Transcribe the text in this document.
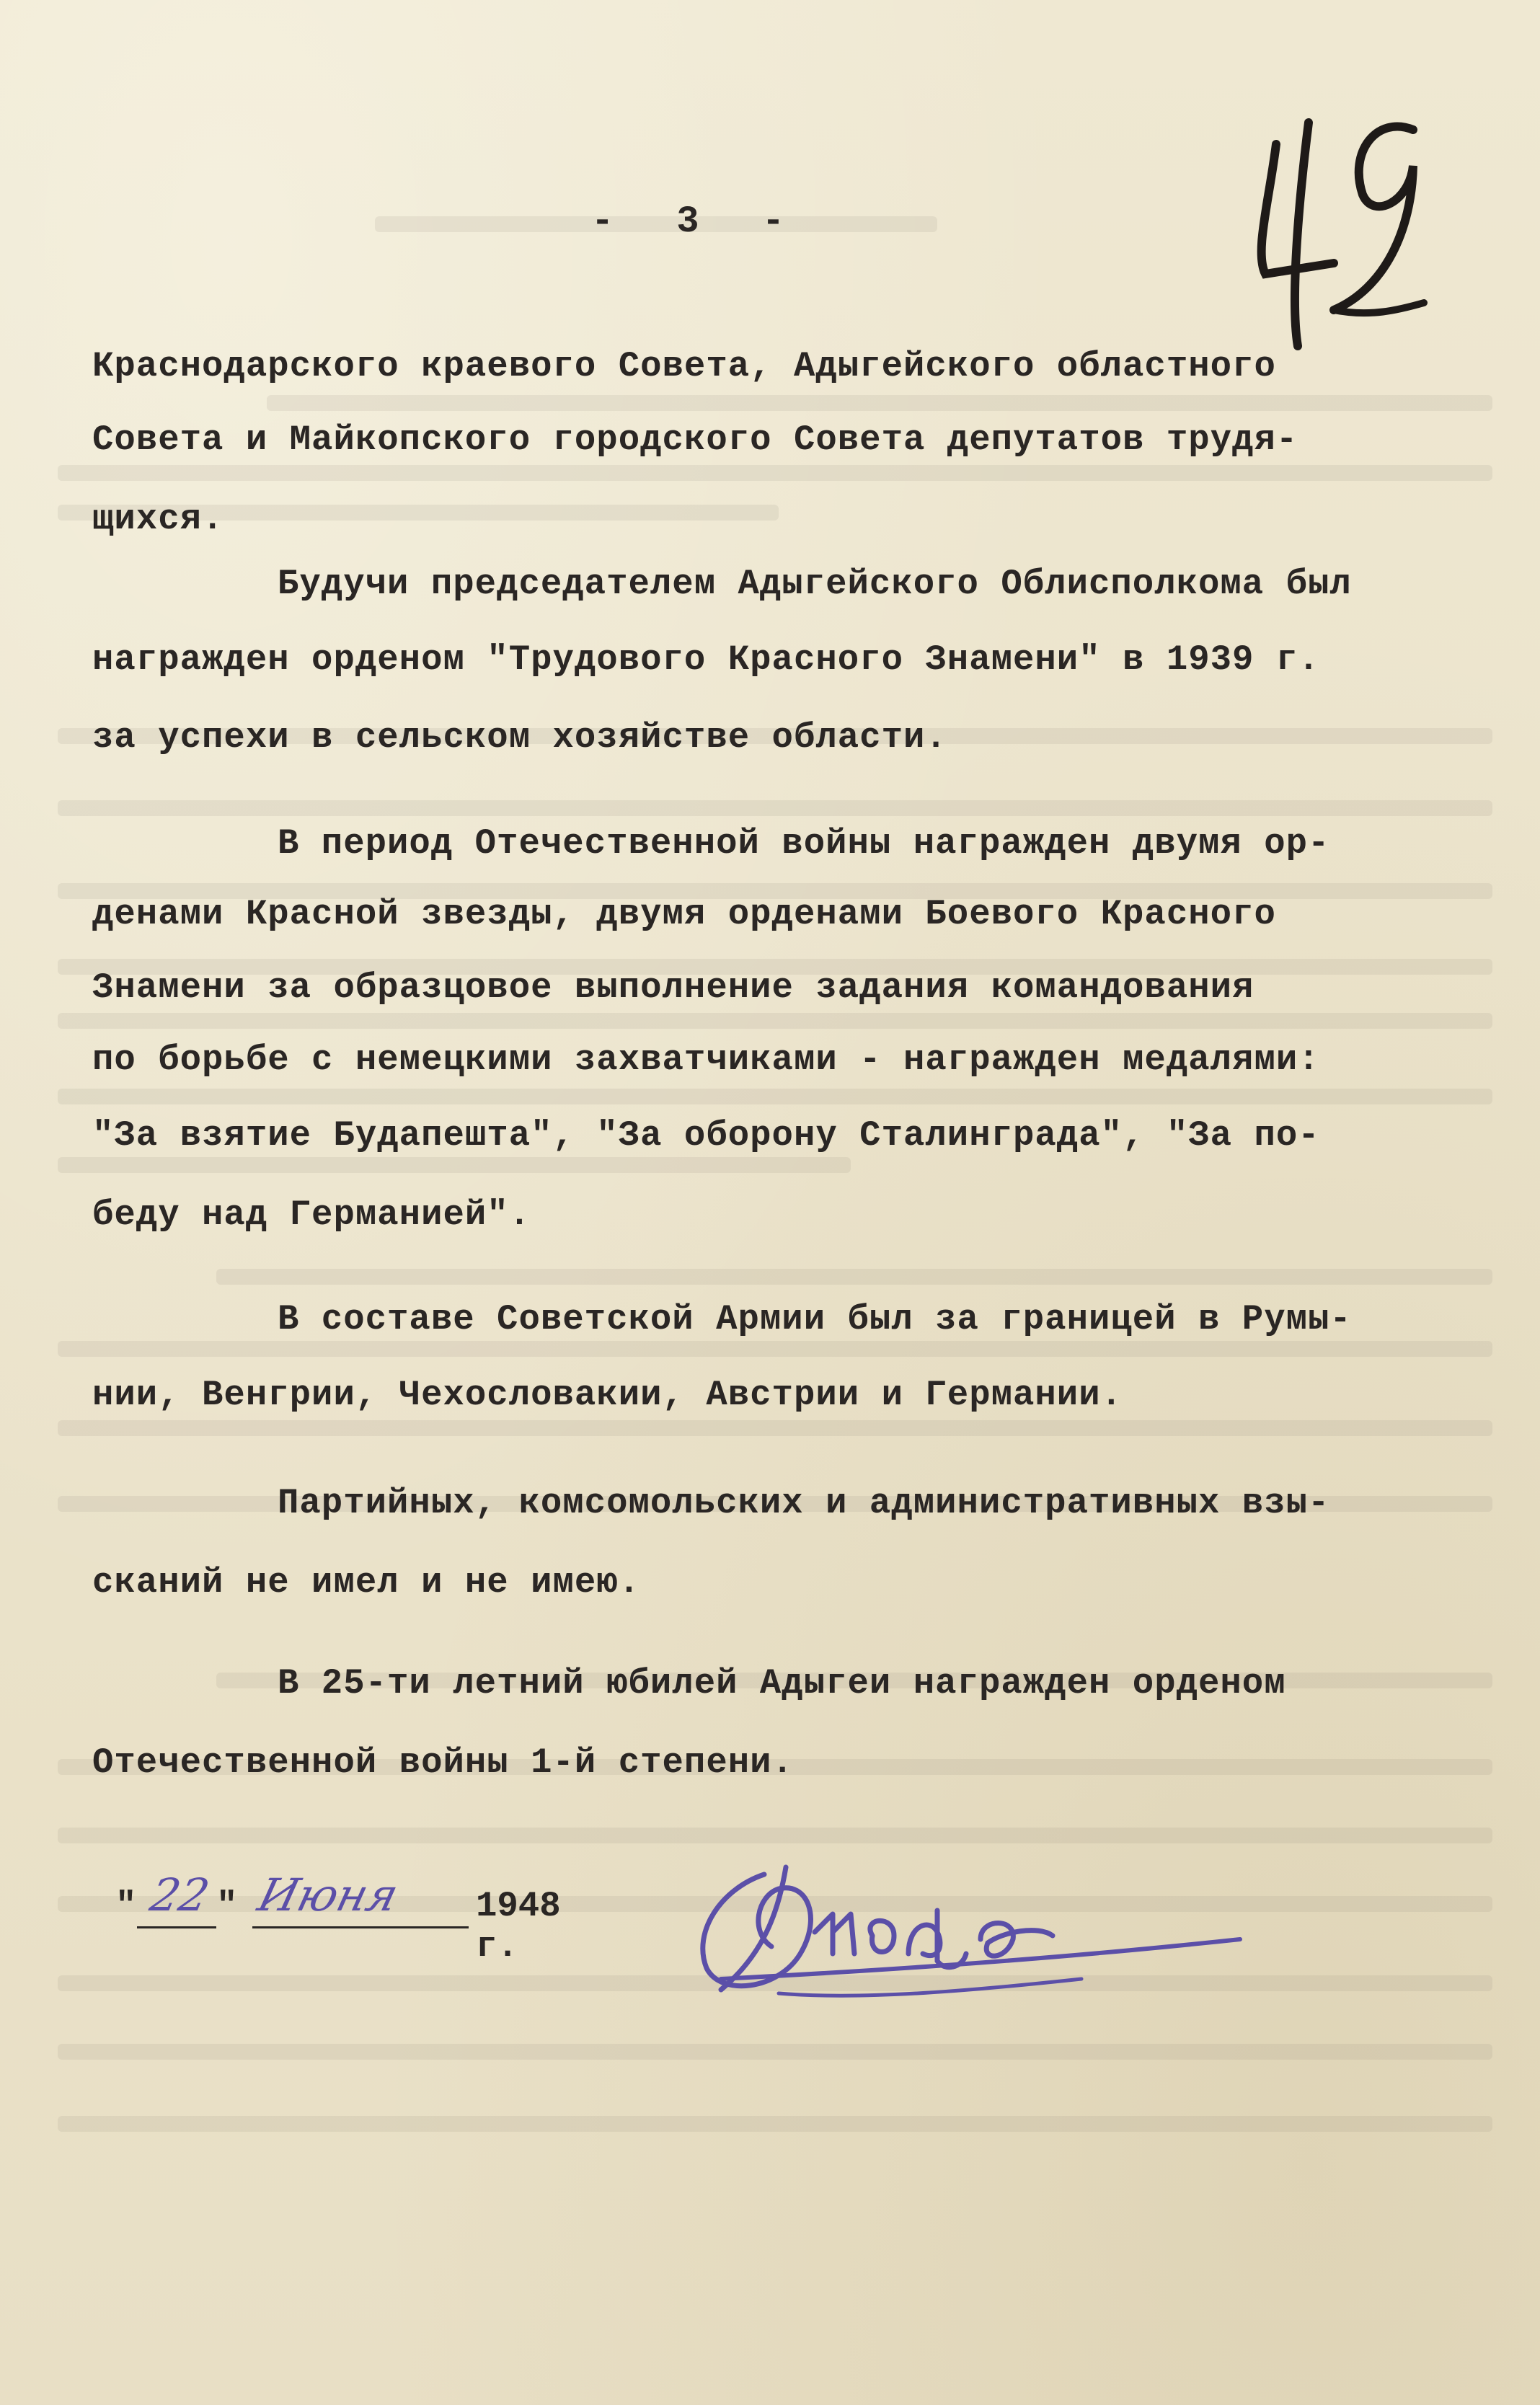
- 3 -
Краснодарского краевого Совета, Адыгейского областного
Совета и Майкопского городского Совета депутатов трудя-
щихся.
Будучи председателем Адыгейского Облисполкома был
награжден орденом "Трудового Красного Знамени" в 1939 г.
за успехи в сельском хозяйстве области.
В период Отечественной войны награжден двумя ор-
денами Красной звезды, двумя орденами Боевого Красного
Знамени за образцовое выполнение задания командования
по борьбе с немецкими захватчиками - награжден медалями:
"За взятие Будапешта", "За оборону Сталинграда", "За по-
беду над Германией".
В составе Советской Армии был за границей в Румы-
нии, Венгрии, Чехословакии, Австрии и Германии.
Партийных, комсомольских и административных взы-
сканий не имел и не имею.
В 25-ти летний юбилей Адыгеи награжден орденом
Отечественной войны 1-й степени.
" 22 " Июня 1948 г.
